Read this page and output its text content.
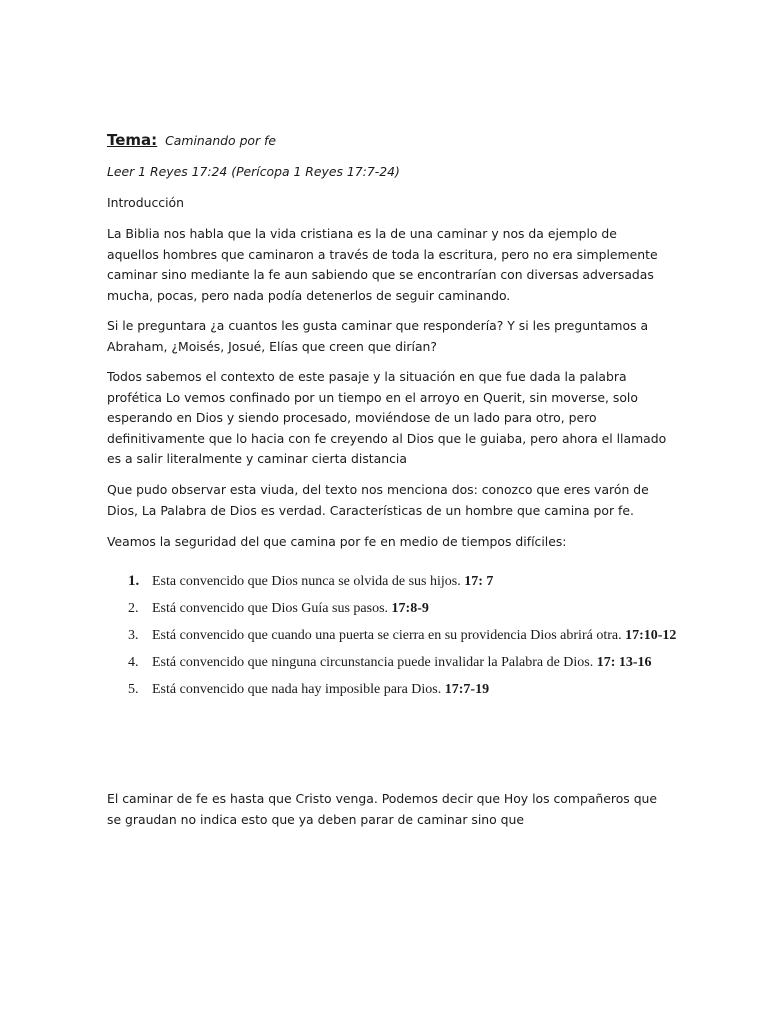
Tema: Caminando por fe
Leer 1 Reyes 17:24 (Perícopa 1 Reyes 17:7-24)
Introducción

La Biblia nos habla que la vida cristiana es la de una caminar y nos da ejemplo de aquellos hombres que caminaron a través de toda la escritura, pero no era simplemente caminar sino mediante la fe aun sabiendo que se encontrarían con diversas adversadas mucha, pocas, pero nada podía detenerlos de seguir caminando.

Si le preguntara ¿a cuantos les gusta caminar que respondería? Y si les preguntamos a Abraham, ¿Moisés, Josué, Elías que creen que dirían?

Todos sabemos el contexto de este pasaje y la situación en que fue dada la palabra profética Lo vemos confinado por un tiempo en el arroyo en Querit, sin moverse, solo esperando en Dios y siendo procesado, moviéndose de un lado para otro, pero definitivamente que lo hacia con fe creyendo al Dios que le guiaba, pero ahora el llamado es a salir literalmente y caminar cierta distancia

Que pudo observar esta viuda, del texto nos menciona dos: conozco que eres varón de Dios, La Palabra de Dios es verdad. Características de un hombre que camina por fe.

Veamos la seguridad del que camina por fe en medio de tiempos difíciles:

1. Esta convencido que Dios nunca se olvida de sus hijos. 17: 7
2. Está convencido que Dios Guía sus pasos. 17:8-9
3. Está convencido que cuando una puerta se cierra en su providencia Dios abrirá otra. 17:10-12
4. Está convencido que ninguna circunstancia puede invalidar la Palabra de Dios. 17: 13-16
5. Está convencido que nada hay imposible para Dios. 17:7-19

El caminar de fe es hasta que Cristo venga. Podemos decir que Hoy los compañeros que se graudan no indica esto que ya deben parar de caminar sino que
